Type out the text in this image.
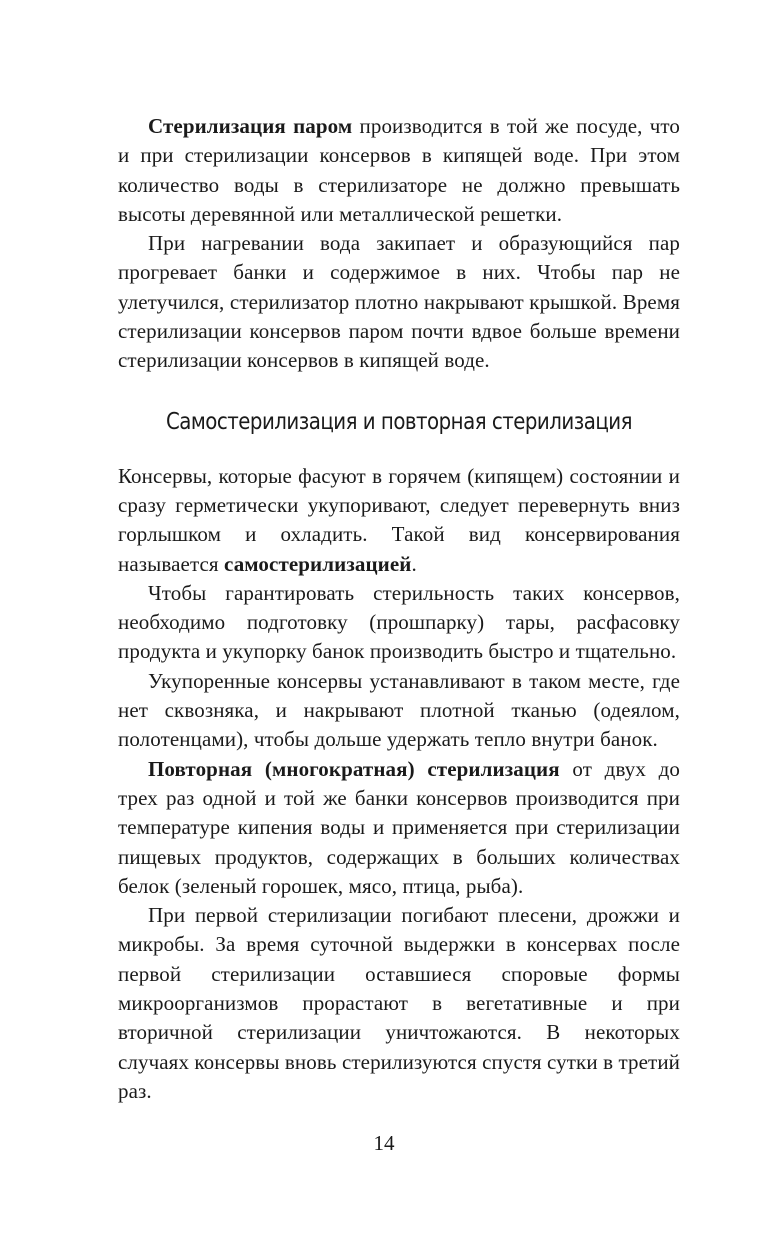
Стерилизация паром производится в той же посуде, что и при стерилизации консервов в кипящей воде. При этом количество воды в стерилизаторе не должно превышать высоты деревянной или металлической решетки.

При нагревании вода закипает и образующийся пар прогревает банки и содержимое в них. Чтобы пар не улетучился, стерилизатор плотно накрывают крышкой. Время стерилизации консервов паром почти вдвое больше времени стерилизации консервов в кипящей воде.

Самостерилизация и повторная стерилизация

Консервы, которые фасуют в горячем (кипящем) состоянии и сразу герметически укупоривают, следует перевернуть вниз горлышком и охладить. Такой вид консервирования называется самостерилизацией.

Чтобы гарантировать стерильность таких консервов, необходимо подготовку (прошпарку) тары, расфасовку продукта и укупорку банок производить быстро и тщательно.

Укупоренные консервы устанавливают в таком месте, где нет сквозняка, и накрывают плотной тканью (одеялом, полотенцами), чтобы дольше удержать тепло внутри банок.

Повторная (многократная) стерилизация от двух до трех раз одной и той же банки консервов производится при температуре кипения воды и применяется при стерилизации пищевых продуктов, содержащих в больших количествах белок (зеленый горошек, мясо, птица, рыба).

При первой стерилизации погибают плесени, дрожжи и микробы. За время суточной выдержки в консервах после первой стерилизации оставшиеся споровые формы микроорганизмов прорастают в вегетативные и при вторичной стерилизации уничтожаются. В некоторых случаях консервы вновь стерилизуются спустя сутки в третий раз.

14
